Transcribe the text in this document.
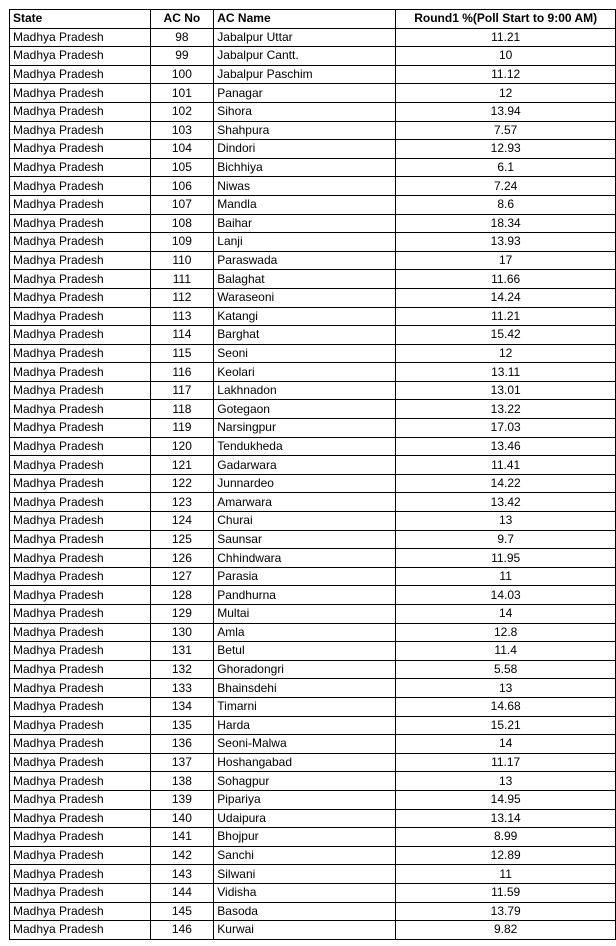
State	AC No	AC Name	Round1 %(Poll Start to 9:00 AM)
Madhya Pradesh	98	Jabalpur Uttar	11.21
Madhya Pradesh	99	Jabalpur Cantt.	10
Madhya Pradesh	100	Jabalpur Paschim	11.12
Madhya Pradesh	101	Panagar	12
Madhya Pradesh	102	Sihora	13.94
Madhya Pradesh	103	Shahpura	7.57
Madhya Pradesh	104	Dindori	12.93
Madhya Pradesh	105	Bichhiya	6.1
Madhya Pradesh	106	Niwas	7.24
Madhya Pradesh	107	Mandla	8.6
Madhya Pradesh	108	Baihar	18.34
Madhya Pradesh	109	Lanji	13.93
Madhya Pradesh	110	Paraswada	17
Madhya Pradesh	111	Balaghat	11.66
Madhya Pradesh	112	Waraseoni	14.24
Madhya Pradesh	113	Katangi	11.21
Madhya Pradesh	114	Barghat	15.42
Madhya Pradesh	115	Seoni	12
Madhya Pradesh	116	Keolari	13.11
Madhya Pradesh	117	Lakhnadon	13.01
Madhya Pradesh	118	Gotegaon	13.22
Madhya Pradesh	119	Narsingpur	17.03
Madhya Pradesh	120	Tendukheda	13.46
Madhya Pradesh	121	Gadarwara	11.41
Madhya Pradesh	122	Junnardeo	14.22
Madhya Pradesh	123	Amarwara	13.42
Madhya Pradesh	124	Churai	13
Madhya Pradesh	125	Saunsar	9.7
Madhya Pradesh	126	Chhindwara	11.95
Madhya Pradesh	127	Parasia	11
Madhya Pradesh	128	Pandhurna	14.03
Madhya Pradesh	129	Multai	14
Madhya Pradesh	130	Amla	12.8
Madhya Pradesh	131	Betul	11.4
Madhya Pradesh	132	Ghoradongri	5.58
Madhya Pradesh	133	Bhainsdehi	13
Madhya Pradesh	134	Timarni	14.68
Madhya Pradesh	135	Harda	15.21
Madhya Pradesh	136	Seoni-Malwa	14
Madhya Pradesh	137	Hoshangabad	11.17
Madhya Pradesh	138	Sohagpur	13
Madhya Pradesh	139	Pipariya	14.95
Madhya Pradesh	140	Udaipura	13.14
Madhya Pradesh	141	Bhojpur	8.99
Madhya Pradesh	142	Sanchi	12.89
Madhya Pradesh	143	Silwani	11
Madhya Pradesh	144	Vidisha	11.59
Madhya Pradesh	145	Basoda	13.79
Madhya Pradesh	146	Kurwai	9.82
